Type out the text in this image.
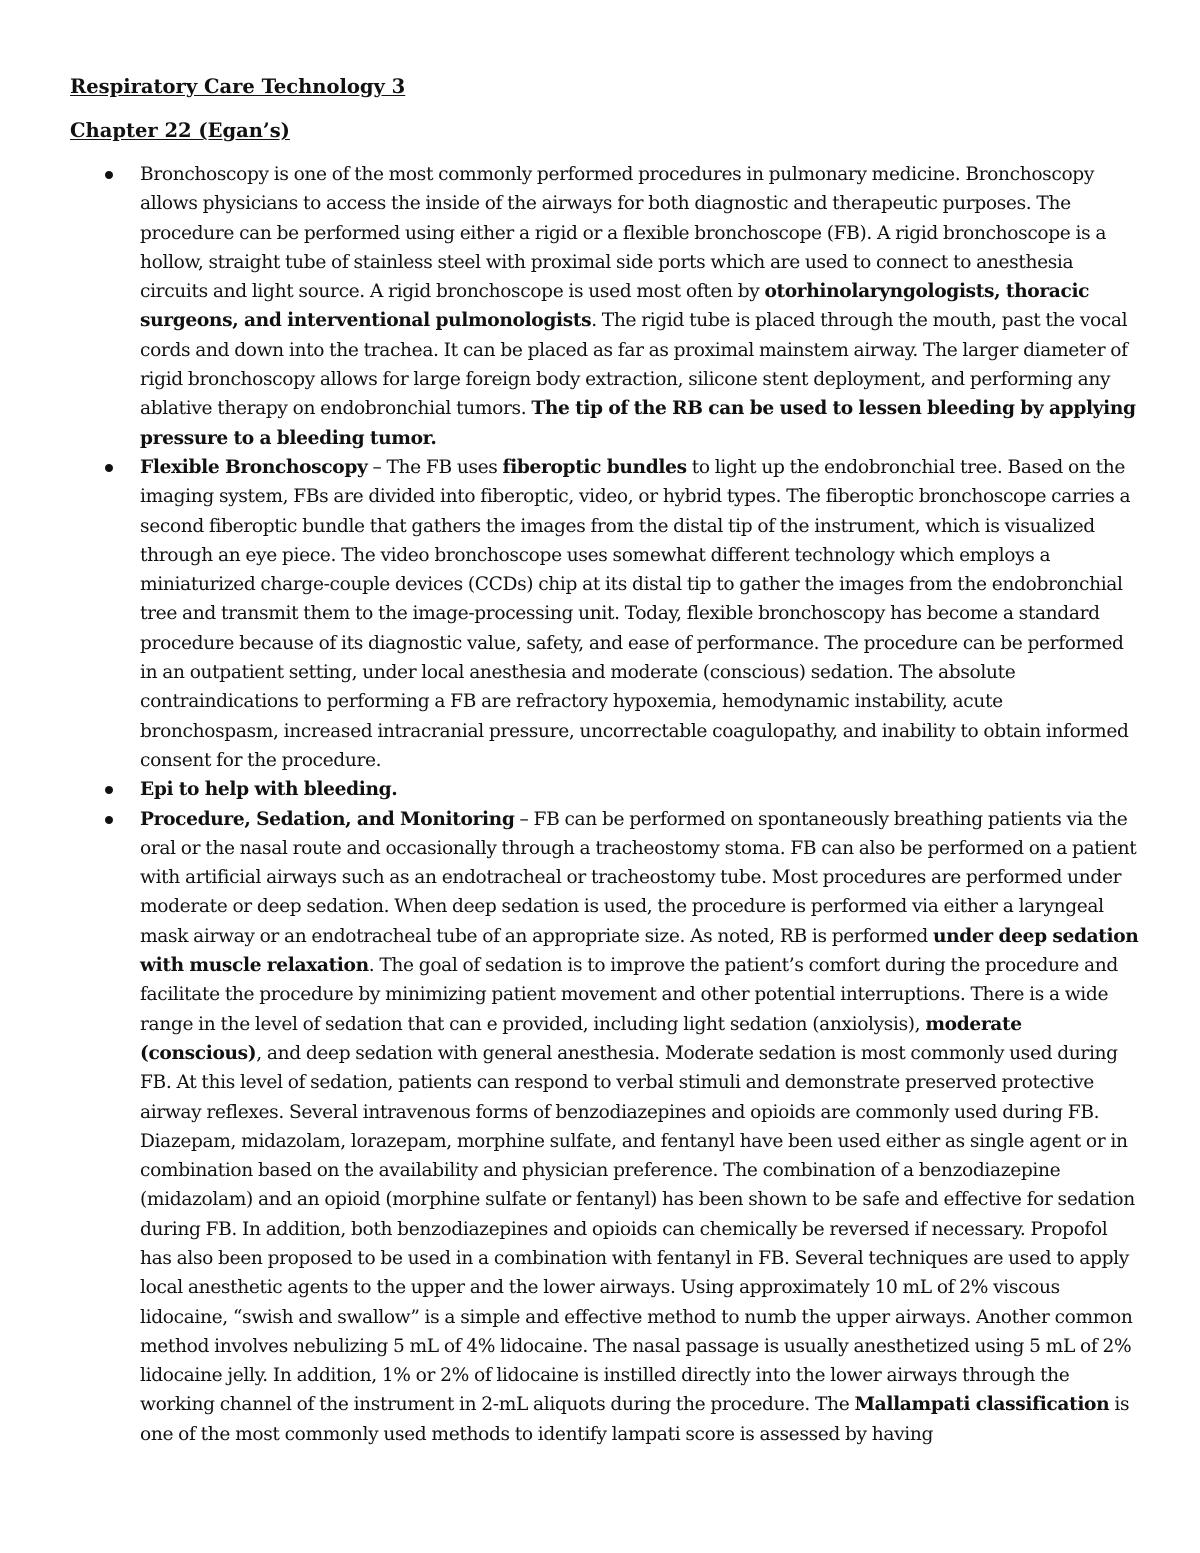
Respiratory Care Technology 3
Chapter 22 (Egan’s)
Bronchoscopy is one of the most commonly performed procedures in pulmonary medicine. Bronchoscopy allows physicians to access the inside of the airways for both diagnostic and therapeutic purposes. The procedure can be performed using either a rigid or a flexible bronchoscope (FB). A rigid bronchoscope is a hollow, straight tube of stainless steel with proximal side ports which are used to connect to anesthesia circuits and light source. A rigid bronchoscope is used most often by otorhinolaryngologists, thoracic surgeons, and interventional pulmonologists. The rigid tube is placed through the mouth, past the vocal cords and down into the trachea. It can be placed as far as proximal mainstem airway. The larger diameter of rigid bronchoscopy allows for large foreign body extraction, silicone stent deployment, and performing any ablative therapy on endobronchial tumors. The tip of the RB can be used to lessen bleeding by applying pressure to a bleeding tumor.
Flexible Bronchoscopy – The FB uses fiberoptic bundles to light up the endobronchial tree. Based on the imaging system, FBs are divided into fiberoptic, video, or hybrid types. The fiberoptic bronchoscope carries a second fiberoptic bundle that gathers the images from the distal tip of the instrument, which is visualized through an eye piece. The video bronchoscope uses somewhat different technology which employs a miniaturized charge-couple devices (CCDs) chip at its distal tip to gather the images from the endobronchial tree and transmit them to the image-processing unit. Today, flexible bronchoscopy has become a standard procedure because of its diagnostic value, safety, and ease of performance. The procedure can be performed in an outpatient setting, under local anesthesia and moderate (conscious) sedation. The absolute contraindications to performing a FB are refractory hypoxemia, hemodynamic instability, acute bronchospasm, increased intracranial pressure, uncorrectable coagulopathy, and inability to obtain informed consent for the procedure.
Epi to help with bleeding.
Procedure, Sedation, and Monitoring – FB can be performed on spontaneously breathing patients via the oral or the nasal route and occasionally through a tracheostomy stoma. FB can also be performed on a patient with artificial airways such as an endotracheal or tracheostomy tube. Most procedures are performed under moderate or deep sedation. When deep sedation is used, the procedure is performed via either a laryngeal mask airway or an endotracheal tube of an appropriate size. As noted, RB is performed under deep sedation with muscle relaxation. The goal of sedation is to improve the patient’s comfort during the procedure and facilitate the procedure by minimizing patient movement and other potential interruptions. There is a wide range in the level of sedation that can e provided, including light sedation (anxiolysis), moderate (conscious), and deep sedation with general anesthesia. Moderate sedation is most commonly used during FB. At this level of sedation, patients can respond to verbal stimuli and demonstrate preserved protective airway reflexes. Several intravenous forms of benzodiazepines and opioids are commonly used during FB. Diazepam, midazolam, lorazepam, morphine sulfate, and fentanyl have been used either as single agent or in combination based on the availability and physician preference. The combination of a benzodiazepine (midazolam) and an opioid (morphine sulfate or fentanyl) has been shown to be safe and effective for sedation during FB. In addition, both benzodiazepines and opioids can chemically be reversed if necessary. Propofol has also been proposed to be used in a combination with fentanyl in FB. Several techniques are used to apply local anesthetic agents to the upper and the lower airways. Using approximately 10 mL of 2% viscous lidocaine, “swish and swallow” is a simple and effective method to numb the upper airways. Another common method involves nebulizing 5 mL of 4% lidocaine. The nasal passage is usually anesthetized using 5 mL of 2% lidocaine jelly. In addition, 1% or 2% of lidocaine is instilled directly into the lower airways through the working channel of the instrument in 2-mL aliquots during the procedure. The Mallampati classification is one of the most commonly used methods to identify lampati score is assessed by having
